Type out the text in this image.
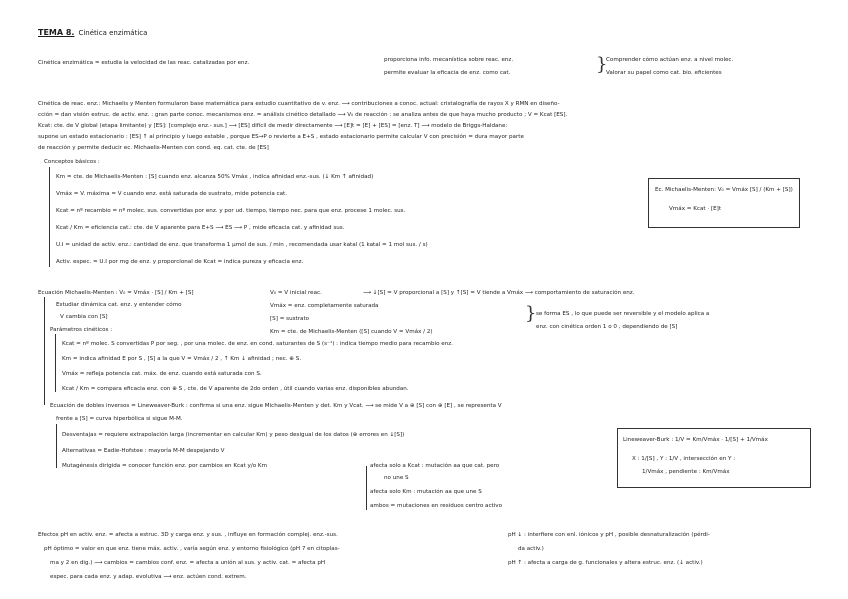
TEMA 8. Cinética enzimática
Cinética enzimática = estudia la velocidad de las reac. catalizadas por enz.	proporciona info. mecanística sobre reac. enz.
permite evaluar la eficacia de enz. como cat.	}
Comprender cómo actúan enz. a nivel molec.
Valorar su papel como cat. bio. eficientes
Cinética de reac. enz.: Michaelis y Menten formularon base matemática para estudio cuantitativo de v. enz. ⟶ contribuciones a conoc. actual: cristalografía de rayos X y RMN en diseño-
cción = dan visión estruc. de activ. enz. : gran parte conoc. mecanismos enz. = análisis cinético detallado ⟶ V₀ de reacción : se analiza antes de que haya mucho producto ; V = Kcat [ES].
Kcat: cte. de V global (etapa limitante) y [ES]: [complejo enz.- sus.] ⟶ [ES] difícil de medir directamente ⟶ [E]t = [E] + [ES] = [enz. T] ⟶ modelo de Briggs-Haldane:
supone un estado estacionario : [ES] ↑ al principio y luego estable , porque ES→P o revierte a E+S , estado estacionario permite calcular V con precisión = dura mayor parte
de reacción y permite deducir ec. Michaelis-Menten con cond. eq. cat. cte. de [ES]
Conceptos básicos :
Km = cte. de Michaelis-Menten : [S] cuando enz. alcanza 50% Vmáx , indica afinidad enz.-sus. (↓ Km ↑ afinidad)
Vmáx = V. máxima = V cuando enz. está saturada de sustrato, mide potencia cat.
Kcat = nº recambio = nº molec. sus. convertidas por enz. y por ud. tiempo, tiempo nec. para que enz. procese 1 molec. sus.
Kcat / Km = eficiencia cat.: cte. de V aparente para E+S ⟶ ES ⟶ P , mide eficacia cat. y afinidad sus.
U.I = unidad de activ. enz.: cantidad de enz. que transforma 1 µmol de sus. / min , recomendada usar katal (1 katal = 1 mol sus. / s)
Activ. espec. = U.I por mg de enz. y proporcional de Kcat = indica pureza y eficacia enz.
Ec. Michaelis-Menten: V₀ = Vmáx [S] / (Km + [S])
Vmáx = Kcat · [E]t
Ecuación Michaelis-Menten : V₀ = Vmáx · [S] / Km + [S]	V₀ = V inicial reac.	⟶ ↓[S] = V proporcional a [S] y ↑[S] = V tiende a Vmáx ⟶ comportamiento de saturación enz.
Vmáx = enz. completamente saturada
[S] = sustrato
Km = cte. de Michaelis-Menten ([S] cuando V = Vmáx / 2)
} se forma ES , lo que puede ser reversible y el modelo aplica a
enz. con cinética orden 1 o 0 , dependiendo de [S]
Estudiar dinámica cat. enz. y entender cómo
V cambia con [S]
Parámetros cinéticos :
Kcat = nº molec. S convertidas P por seg. , por una molec. de enz. en cond. saturantes de S (s⁻¹) : indica tiempo medio para recambio enz.
Km = indica afinidad E por S , [S] a la que V = Vmáx / 2 , ↑ Km ↓ afinidad ; nec. ⊕ S.
Vmáx = refleja potencia cat. máx. de enz. cuando está saturada con S.
Kcat / Km = compara eficacia enz. con ⊕ S , cte. de V aparente de 2do orden , útil cuando varias enz. disponibles abundan.
Ecuación de dobles inversos = Lineweaver-Burk : confirma si una enz. sigue Michaelis-Menten y det. Km y Vcat. ⟶ se mide V a ⊕ [S] con ⊕ [E] , se representa V
frente a [S] = curva hiperbólica si sigue M-M.
Desventajas = requiere extrapolación larga (incrementar en calcular Km) y peso desigual de los datos (⊕ errores en ↓[S])
Alternativas = Eadie-Hofstee : mayoría M-M despejando V
Mutagénesis dirigida = conocer función enz. por cambios en Kcat y/o Km	afecta solo a Kcat : mutación aa que cat. pero
no une S
afecta solo Km : mutación aa que une S
ambos = mutaciones en residuos centro activo
Lineweaver-Burk : 1/V = Km/Vmáx · 1/[S] + 1/Vmáx
X : 1/[S] , Y : 1/V , intersección en Y :
1/Vmáx , pendiente : Km/Vmáx
Efectos pH en activ. enz. = afecta a estruc. 3D y carga enz. y sus. , influye en formación complej. enz.-sus.
pH óptimo = valor en que enz. tiene máx. activ. , varía según enz. y entorno fisiológico (pH 7 en citoplas-
ma y 2 en dig.) ⟶ cambios = cambios conf. enz. = afecta a unión al sus. y activ. cat. = afecta pH
espec. para cada enz. y adap. evolutiva ⟶ enz. actúen cond. extrem.
pH ↓ : interfiere con enl. iónicos y pH , posible desnaturalización (pérdi-
da activ.)
pH ↑ : afecta a carga de g. funcionales y altera estruc. enz. (↓ activ.)
